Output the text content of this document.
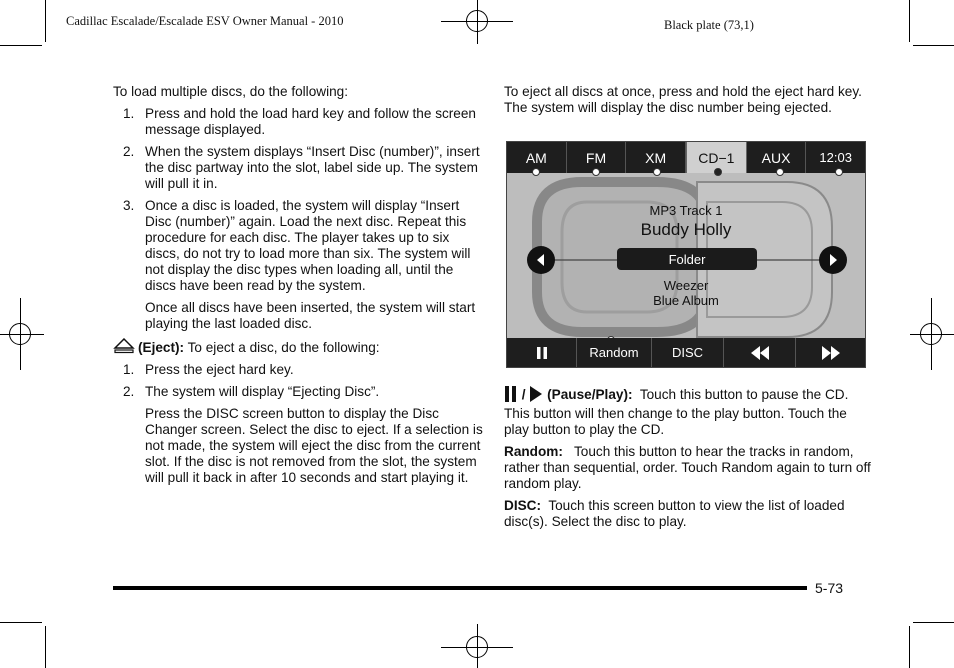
Cadillac Escalade/Escalade ESV Owner Manual - 2010	Black plate (73,1)

To load multiple discs, do the following:

1. Press and hold the load hard key and follow the screen message displayed.
2. When the system displays “Insert Disc (number)”, insert the disc partway into the slot, label side up. The system will pull it in.
3. Once a disc is loaded, the system will display “Insert Disc (number)” again. Load the next disc. Repeat this procedure for each disc. The player takes up to six discs, do not try to load more than six. The system will not display the disc types when loading all, until the discs have been read by the system.

Once all discs have been inserted, the system will start playing the last loaded disc.

(Eject): To eject a disc, do the following:

1. Press the eject hard key.
2. The system will display “Ejecting Disc”.

Press the DISC screen button to display the Disc Changer screen. Select the disc to eject. If a selection is not made, the system will eject the disc from the current slot. If the disc is not removed from the slot, the system will pull it back in after 10 seconds and start playing it.

To eject all discs at once, press and hold the eject hard key. The system will display the disc number being ejected.

AM	FM	XM	CD−1	AUX	12:03
MP3 Track 1
Buddy Holly
Folder
Weezer
Blue Album
Random	DISC

/ (Pause/Play): Touch this button to pause the CD. This button will then change to the play button. Touch the play button to play the CD.

Random: Touch this button to hear the tracks in random, rather than sequential, order. Touch Random again to turn off random play.

DISC: Touch this screen button to view the list of loaded disc(s). Select the disc to play.

5-73
